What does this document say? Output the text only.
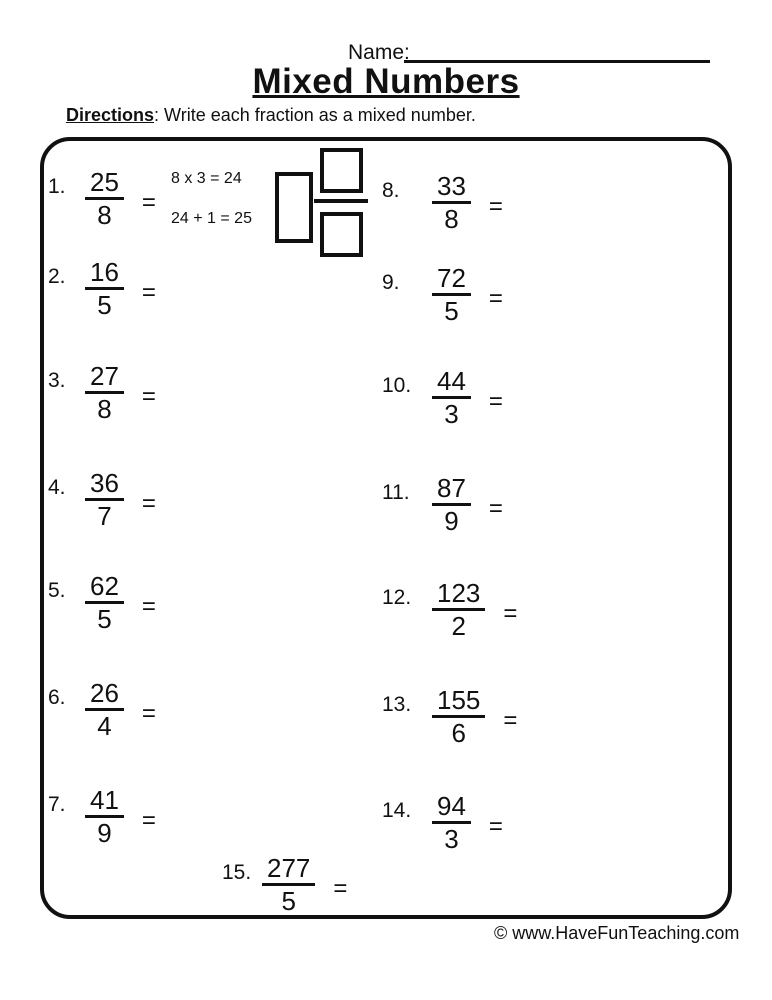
Name:
Mixed Numbers
Directions: Write each fraction as a mixed number.
1. $\frac{25}{8}$ =
8 x 3 = 24
24 + 1 = 25
2. $\frac{16}{5}$ =
3. $\frac{27}{8}$ =
4. $\frac{36}{7}$ =
5. $\frac{62}{5}$ =
6. $\frac{26}{4}$ =
7. $\frac{41}{9}$ =
8.	$\frac{33}{8}$ =
9.	$\frac{72}{5}$ =
10. $\frac{44}{3}$ =
11. $\frac{87}{9}$ =
12. $\frac{123}{2}$ =
13. $\frac{155}{6}$ =
14. $\frac{94}{3}$ =
15. $\frac{277}{5}$ =
© www.HaveFunTeaching.com
